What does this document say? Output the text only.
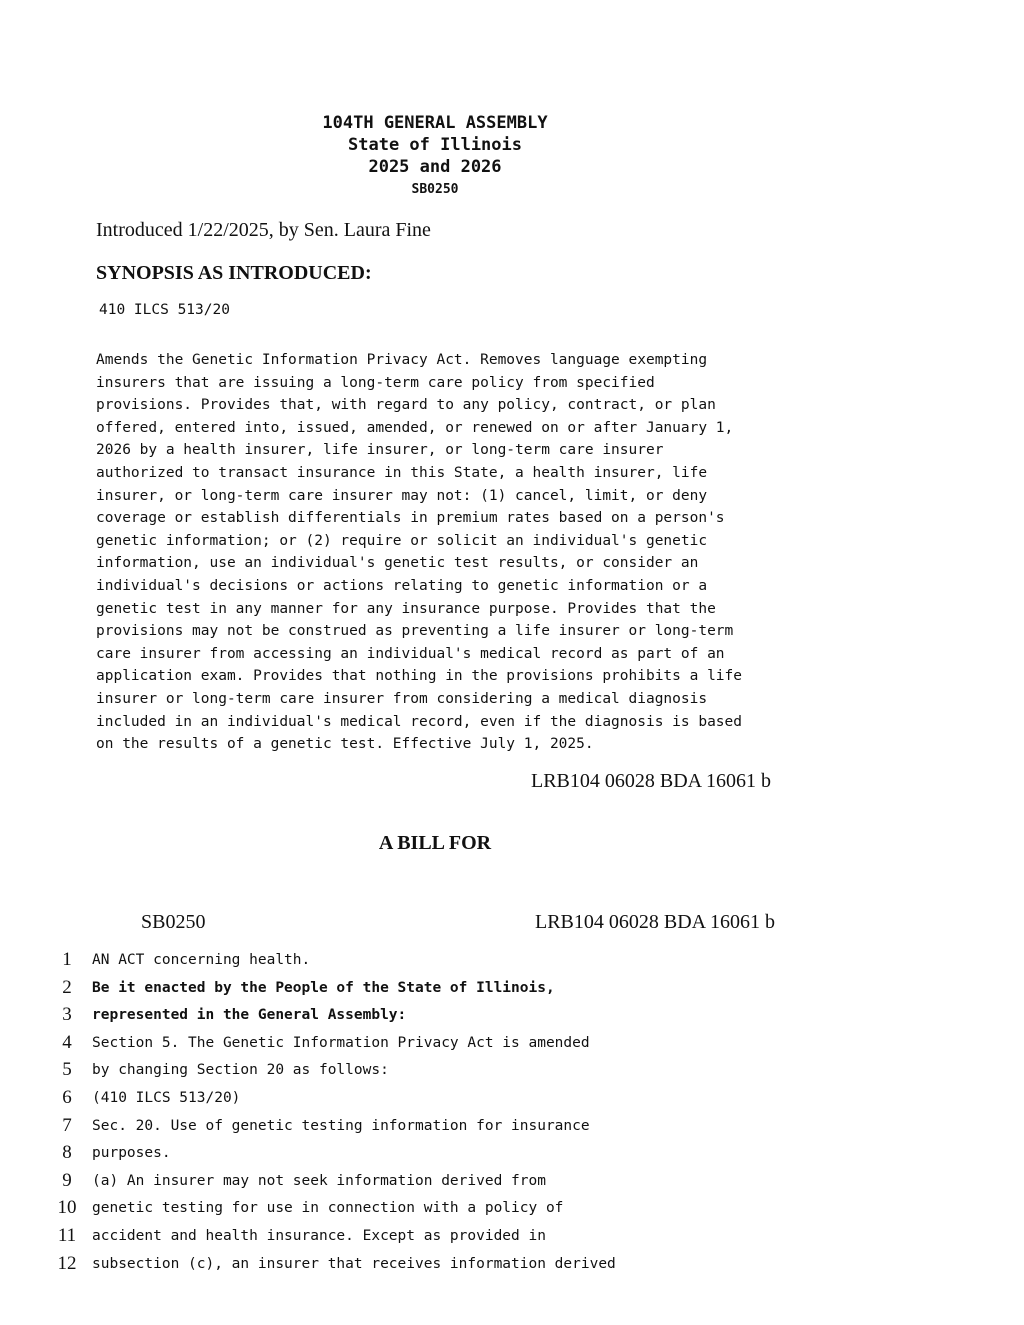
104TH GENERAL ASSEMBLY
State of Illinois
2025 and 2026
SB0250
Introduced 1/22/2025, by Sen. Laura Fine
SYNOPSIS AS INTRODUCED:
410 ILCS 513/20
Amends the Genetic Information Privacy Act. Removes language exempting
insurers that are issuing a long-term care policy from specified
provisions. Provides that, with regard to any policy, contract, or plan
offered, entered into, issued, amended, or renewed on or after January 1,
2026 by a health insurer, life insurer, or long-term care insurer
authorized to transact insurance in this State, a health insurer, life
insurer, or long-term care insurer may not: (1) cancel, limit, or deny
coverage or establish differentials in premium rates based on a person's
genetic information; or (2) require or solicit an individual's genetic
information, use an individual's genetic test results, or consider an
individual's decisions or actions relating to genetic information or a
genetic test in any manner for any insurance purpose. Provides that the
provisions may not be construed as preventing a life insurer or long-term
care insurer from accessing an individual's medical record as part of an
application exam. Provides that nothing in the provisions prohibits a life
insurer or long-term care insurer from considering a medical diagnosis
included in an individual's medical record, even if the diagnosis is based
on the results of a genetic test. Effective July 1, 2025.
LRB104 06028 BDA 16061 b
A BILL FOR
SB0250	LRB104 06028 BDA 16061 b
1	AN ACT concerning health.
2	Be it enacted by the People of the State of Illinois,
3	represented in the General Assembly:
4	Section 5. The Genetic Information Privacy Act is amended
5	by changing Section 20 as follows:
6	(410 ILCS 513/20)
7	Sec. 20. Use of genetic testing information for insurance
8	purposes.
9	(a) An insurer may not seek information derived from
10	genetic testing for use in connection with a policy of
11	accident and health insurance. Except as provided in
12	subsection (c), an insurer that receives information derived
